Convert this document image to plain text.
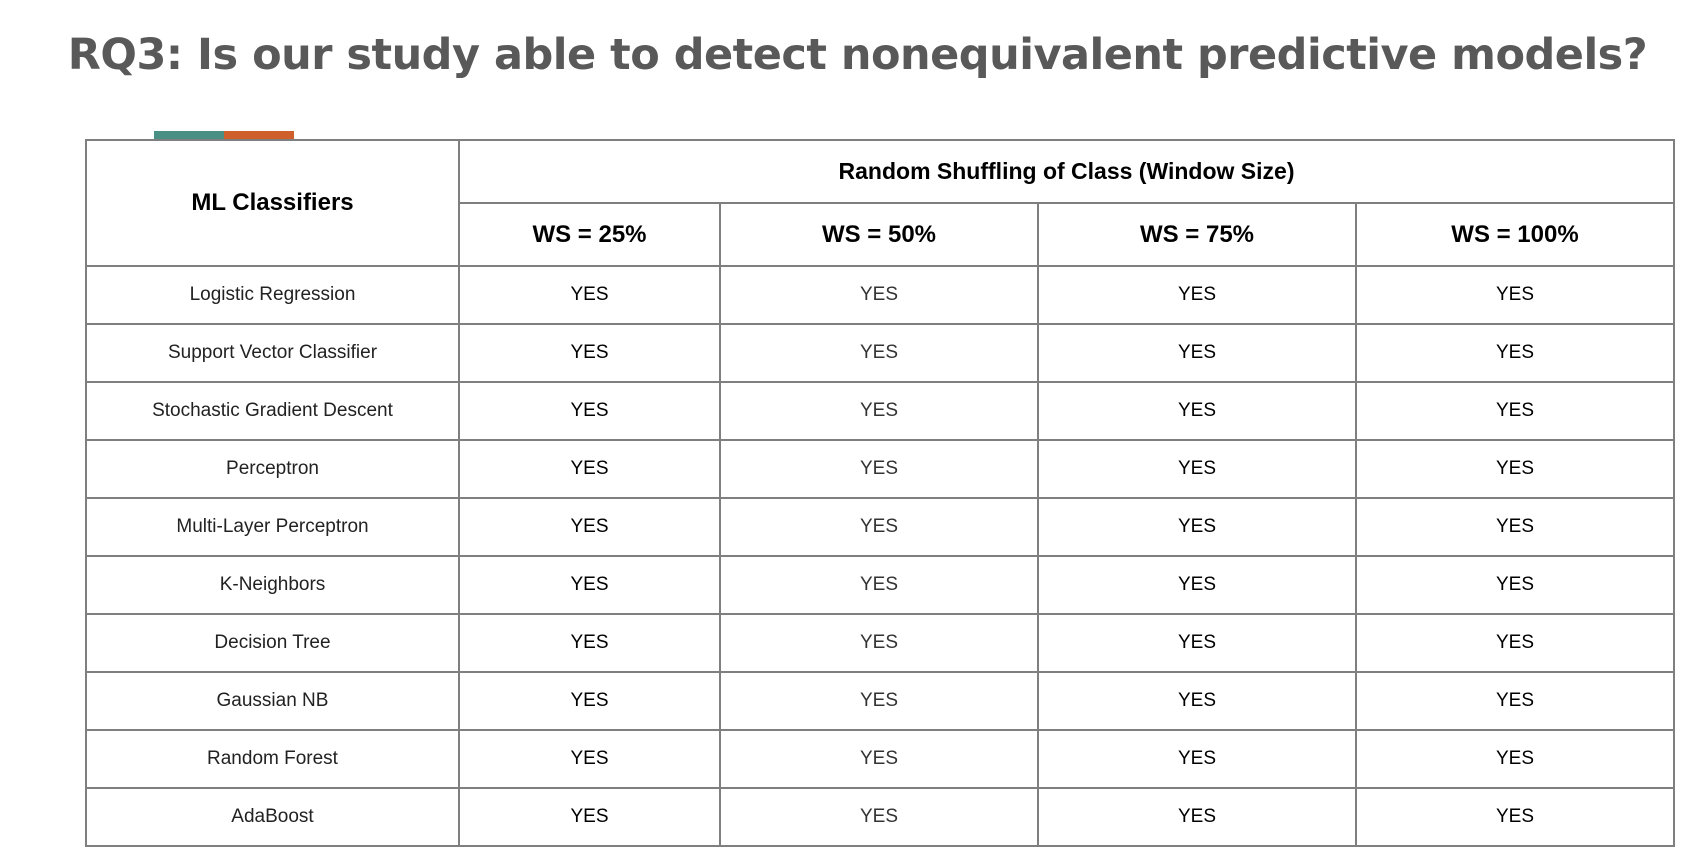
RQ3: Is our study able to detect nonequivalent predictive models?
ML Classifiers	Random Shuffling of Class (Window Size)			
	WS = 25%	WS = 50%	WS = 75%	WS = 100%
Logistic Regression	YES	YES	YES	YES
Support Vector Classifier	YES	YES	YES	YES
Stochastic Gradient Descent	YES	YES	YES	YES
Perceptron	YES	YES	YES	YES
Multi-Layer Perceptron	YES	YES	YES	YES
K-Neighbors	YES	YES	YES	YES
Decision Tree	YES	YES	YES	YES
Gaussian NB	YES	YES	YES	YES
Random Forest	YES	YES	YES	YES
AdaBoost	YES	YES	YES	YES
